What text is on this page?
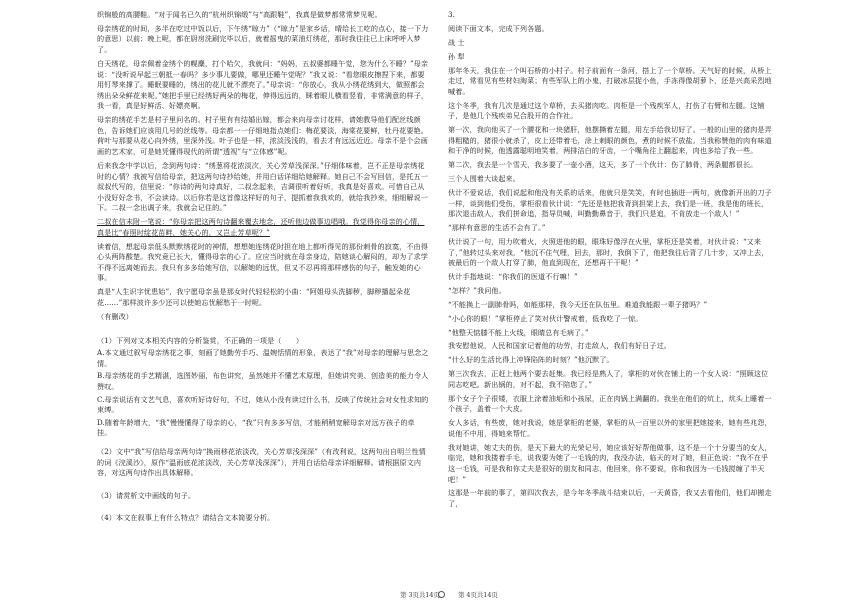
织锦般的高腰鞋。“对于闻名已久的“杭州织锦缎”与“高跟鞋”，我真是做梦都常常梦见呢。

母亲绣花的时间，多半在吃过中饭以后，下午绣“晾力”（“晾力”是家乡话，晴给长工吃的点心，接一下力的意思）以前；晚上呢，都在厨房洗刷完毕以后，就着摇曳的菜油灯绣花，那时我往往已上床呼呼入梦了。

白天绣花，母亲佩着金绣个的幌麇，打个哈欠，我就问：“妈妈，五叔婆都睡午觉，您为什么不睡？”母亲说：“没听说早起三朝抵一春吗？多少事儿要做，哪里还睡午觉呢？”我又说：“看您眼皮擦捏下来，都要用钉琴来撑了。睡眠要睡的，绣出的花儿就不漂亮了。”母亲说：“你放心，我从小绣花绣到大，做照都会绣出朵朵鲜花来呢。”她把手里已经绣好两朵的梅花，伸得远远的，眯着眼儿横看竖看，非常满意的样子，我一看，真是好鲜活、好嫖亮啊。

母亲的绣花手艺是村子里问名的。村子里有有结婚出嫁，都会来向母亲讨花样，请她教导他们配丝线颜色，告诉她们应该用几号的丝线等。母亲都一一仔细地指点她们：梅花要淡，海棠花要鲜，牡丹花要艳。荷叶与那要从花心向外绣，里深外浅。叶子也是一样，浓淡浅浅的，看去才有远远近近。母亲不是个会画画的艺术家，可是她凭懂得现代的所谓“透视”与“立体感”呢。

后来我念中学以后，念到两句诗：“绣葱将花浓淡次，关心芳草浅深深。”仔细体味着，岂不正是母亲绣花时的心情？我被写信给母亲，把这两句诗抄给她，并用白话详细给她解释。她自己不会写回信，是托五一叔叔代写的，信里说：“你诗的两句诗真好，二叔念起来，吉调很听着好听，我真是好喜欢。可惜自己从小没好好念书，不会读诗。以后你若是这首像这样好的句子，提抓着我我欢的，就给我抄来，细细解说一下。二叔一念出调子来，我就会记住的。”

二叔在信末附一笔说：“你母亲把这两句诗翻来覆去地念，还听他边做事边唱哦。我觉得你母亲的心情，真是比“春照时绽花苗畔，她关心的，又岂止芳草呢？”

读着信，想起母亲低头默默绣花时的神情，想想她连绣花时担在地上都听得见的那份刺骨的寂寞，不由得心头两阵酸楚。我究竟已长大，懂得母亲的心了。应应当时就在母亲身边，陪她谈心解闷的，却为了求学不得不远离她而去。我只有多多给她写信，以解她的远忧，但又不忍再将那样感伤的句子，触发她的心事。

真是“人生识字忧患始”，我宁愿母亲虽是那女时代轻轻松的小曲：“阿姐母头洗脚秽，脚秽播起朵花花……”那样波许多少还可以使她忘忧解愁于一时呢。

（有删改）

（1）下列对文本相关内容的分析鉴赏，不正确的一项是（　　）

A.本文通过叙写母亲绣花之事，刻画了她勤劳手巧、温婉恬情的形象，表达了“我”对母亲的理解与思念之情。

B.母亲绣花的手艺精湛，选图妙丽，布色讲究，虽然她并不懂艺术原理，但她讲究美、创造美的能力令人赞叹。

C.母亲说话有文艺气息，喜欢听好诗好句，不过，她从小没有读过什么书，反映了传统社会对女性求知的束缚。

D.随着年龄增大，“我”慢慢懂得了母亲的心，“我”只有多多写信，才能稍稍宽解母亲对远方孩子的牵挂。

（2）文中“我”写信给母亲两句诗“换雨移花浓淡改，关心芳草浅深深”（有改利说，这两句出自明兰性情的词《浣溪沙》，原作“温雨底花浓淡改，关心芳草浅深深”），并用白话给母亲详细解释。请根据原文内容，对这两句诗作出具体解释。

（3）请赏析文中画线的句子。

（4）本文在叙事上有什么特点？请结合文本简要分析。

3.

阅读下面文本，完成下列各题。

战 士

孙 犁

那年冬天，我住在一个叫石桥的小村子。村子前面有一条河，搭上了一个草桥。天气好的时候，从桥上走过，常看见有些材妇淘菜；有些军队上的小鬼，打破冰层捉小鱼，手冻得像胡萝卜，还是兴高采烈地喊着。

这个冬季，我有几次是通过这个草桥，去买猪肉吃。肉柜是一个残疾军人，打伤了右臂和左腿。这铺子，是他几个残疾弟兄合股开的合作社。

第一次，我向他买了一个腰花和一块猪肝，他摆撕着左腿，用左手给我切好了。一般的山里的猪肉是弄得粗糙的，猪很小就杀了，皮上还带着毛，涂上刺眼的颜色，煮的时候不放盐。当我称赞他的肉有味道和干净的时候，他透露聪明地笑着，两排洁白的牙齿，一个嘴角往上翻起来，肉也多给了我一些。

第二次，我去是一个雪天，我多要了一壶小酒，这天，多了一个伙计：伤了肺骨，两条腿都很长。

三个人围着大谈起来。

伙计不爱说话，我们说起和他没有关系的话来，他就只是笑笑，有时也插进一两句，就像新开出的刀子一样，谈到他们受伤，掌柜很看伙计说：“先还是他把我背到担架上去，我们是一班，我是他的班长，那次退击敌人，我们拼命追，指导员喊，叫勤勤鼻音于，我们只是追，不肯放走一个敌人！”

“那样有意思的生活不会有了。”

伙计说了一句，用力吹着火，火照进他的眼，眼珠好像浮在火里，掌柜还是笑着，对伙计说：“又来了，”他转过头来对我，“他沉不住气哩，回去，那时，我倒下了，他把我往后背了几十步，又冲上去，被最后的一个敌人打穿了肺，他直到现在，还想再干干呢！”

伙计手指地说：“你我们的医道不行嘛！”

“怎样？”我问他。

“不能换上一副肺骨吗，如能那样，我今天还在队伍里。难道我能跟一辈子猪吗？”

“小心你的眼！”掌柜停止了笑对伙计警戒着，低我吃了一惊。

“他整天惦膝不能上火线，眼睛总有毛病了。”

我安慰他说，人民和国家记着他的功劳，打走敌人，我们有好日子过。

“什么好的生活比得上冲锋陷阵的时刻？”他沉默了。

第三次我去，正赶上他两个要去赶集。我已经是熟人了，掌柜的对伙在铺上的一个女人说：“照顾这位同志吃吧。新出锅的，对不起，我不陪您了。”

那个女子个子很矮，衣服上涂着油垢和小孩尿，正在肉锅上满翻的。我坐在他们的炕上，炕头上睡着一个孩子，盖着一个大皮。

女人多话，有些废，她对我说，她是掌柜的老婆，掌柜的从一百里以外的家里把她接来，她有些兆怨，说他不中用，得她来帮忙。

我对她讲，她丈夫的伤，是天下最大的光荣记号，她应该好好帮他做事，这不是一个十分要当的女人，临完，她和我搂着手毛，说我要为她了一毛钱的肉，我没办法，临天的对了她，但正色说：“我不在乎这一毛钱，可是我和你丈夫是很好的朋友和同志，他回来，你不要说，你和我因为一毛钱搅缠了半天吧！”

这那是一年前的事了，第四次我去，是今年冬季战斗结束以后，一天黄昏，我又去看他们，他们却搬走了，

第 3页共14页	第 4页共14页
